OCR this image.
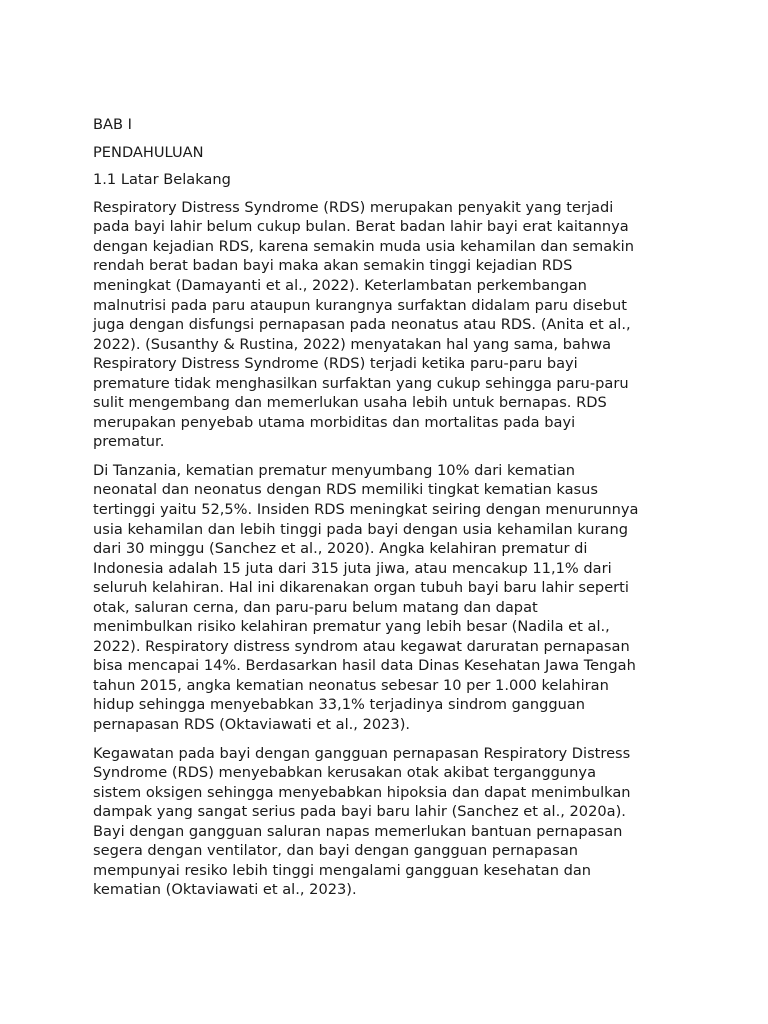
BAB I
PENDAHULUAN
1.1 Latar Belakang
Respiratory Distress Syndrome (RDS) merupakan penyakit yang terjadi
pada bayi lahir belum cukup bulan. Berat badan lahir bayi erat kaitannya
dengan kejadian RDS, karena semakin muda usia kehamilan dan semakin
rendah berat badan bayi maka akan semakin tinggi kejadian RDS
meningkat (Damayanti et al., 2022). Keterlambatan perkembangan
malnutrisi pada paru ataupun kurangnya surfaktan didalam paru disebut
juga dengan disfungsi pernapasan pada neonatus atau RDS. (Anita et al.,
2022). (Susanthy & Rustina, 2022) menyatakan hal yang sama, bahwa
Respiratory Distress Syndrome (RDS) terjadi ketika paru-paru bayi
premature tidak menghasilkan surfaktan yang cukup sehingga paru-paru
sulit mengembang dan memerlukan usaha lebih untuk bernapas. RDS
merupakan penyebab utama morbiditas dan mortalitas pada bayi
prematur.
Di Tanzania, kematian prematur menyumbang 10% dari kematian
neonatal dan neonatus dengan RDS memiliki tingkat kematian kasus
tertinggi yaitu 52,5%. Insiden RDS meningkat seiring dengan menurunnya
usia kehamilan dan lebih tinggi pada bayi dengan usia kehamilan kurang
dari 30 minggu (Sanchez et al., 2020). Angka kelahiran prematur di
Indonesia adalah 15 juta dari 315 juta jiwa, atau mencakup 11,1% dari
seluruh kelahiran. Hal ini dikarenakan organ tubuh bayi baru lahir seperti
otak, saluran cerna, dan paru-paru belum matang dan dapat
menimbulkan risiko kelahiran prematur yang lebih besar (Nadila et al.,
2022). Respiratory distress syndrom atau kegawat daruratan pernapasan
bisa mencapai 14%. Berdasarkan hasil data Dinas Kesehatan Jawa Tengah
tahun 2015, angka kematian neonatus sebesar 10 per 1.000 kelahiran
hidup sehingga menyebabkan 33,1% terjadinya sindrom gangguan
pernapasan RDS (Oktaviawati et al., 2023).
Kegawatan pada bayi dengan gangguan pernapasan Respiratory Distress
Syndrome (RDS) menyebabkan kerusakan otak akibat terganggunya
sistem oksigen sehingga menyebabkan hipoksia dan dapat menimbulkan
dampak yang sangat serius pada bayi baru lahir (Sanchez et al., 2020a).
Bayi dengan gangguan saluran napas memerlukan bantuan pernapasan
segera dengan ventilator, dan bayi dengan gangguan pernapasan
mempunyai resiko lebih tinggi mengalami gangguan kesehatan dan
kematian (Oktaviawati et al., 2023).
